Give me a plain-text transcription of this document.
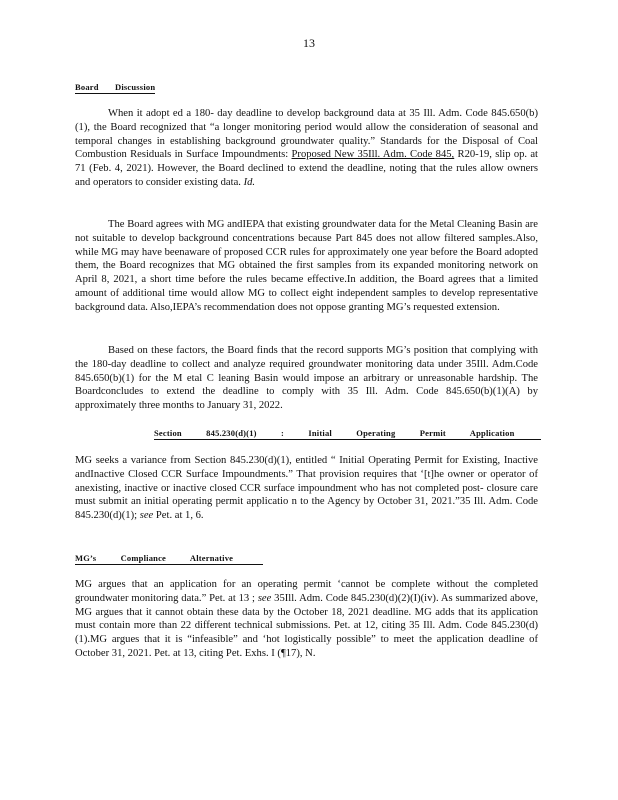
13
Board Discussion
When it adopt ed a 180- day deadline to develop background data at 35 Ill. Adm. Code 845.650(b)(1), the Board recognized that “a longer monitoring period would allow the consideration of seasonal and temporal changes in establishing background groundwater quality.” Standards for the Disposal of Coal Combustion Residuals in Surface Impoundments: Proposed New 35Ill. Adm. Code 845, R20-19, slip op. at 71 (Feb. 4, 2021). However, the Board declined to extend the deadline, noting that the rules allow owners and operators to consider existing data. Id.
The Board agrees with MG andIEPA that existing groundwater data for the Metal Cleaning Basin are not suitable to develop background concentrations because Part 845 does not allow filtered samples.Also, while MG may have beenaware of proposed CCR rules for approximately one year before the Board adopted them, the Board recognizes that MG obtained the first samples from its expanded monitoring network on April 8, 2021, a short time before the rules became effective.In addition, the Board agrees that a limited amount of additional time would allow MG to collect eight independent samples to develop representative background data. Also,IEPA’s recommendation does not oppose granting MG’s requested extension.
Based on these factors, the Board finds that the record supports MG’s position that complying with the 180-day deadline to collect and analyze required groundwater monitoring data under 35Ill. Adm.Code 845.650(b)(1) for the M etal C leaning Basin would impose an arbitrary or unreasonable hardship. The Boardconcludes to extend the deadline to comply with 35 Ill. Adm. Code 845.650(b)(1)(A) by approximately three months to January 31, 2022.
Section 845.230(d)(1) : Initial Operating Permit Application
MG seeks a variance from Section 845.230(d)(1), entitled “ Initial Operating Permit for Existing, Inactive andInactive Closed CCR Surface Impoundments.” That provision requires that ‘[t]he owner or operator of anexisting, inactive or inactive closed CCR surface impoundment who has not completed post- closure care must submit an initial operating permit applicatio n to the Agency by October 31, 2021.”35 Ill. Adm. Code 845.230(d)(1); see Pet. at 1, 6.
MG’s Compliance Alternative
MG argues that an application for an operating permit ‘cannot be complete without the completed groundwater monitoring data.” Pet. at 13 ; see 35Ill. Adm. Code 845.230(d)(2)(I)(iv). As summarized above, MG argues that it cannot obtain these data by the October 18, 2021 deadline. MG adds that its application must contain more than 22 different technical submissions. Pet. at 12, citing 35 Ill. Adm. Code 845.230(d)(1).MG argues that it is “infeasible” and ‘hot logistically possible” to meet the application deadline of October 31, 2021. Pet. at 13, citing Pet. Exhs. I (¶17), N.
